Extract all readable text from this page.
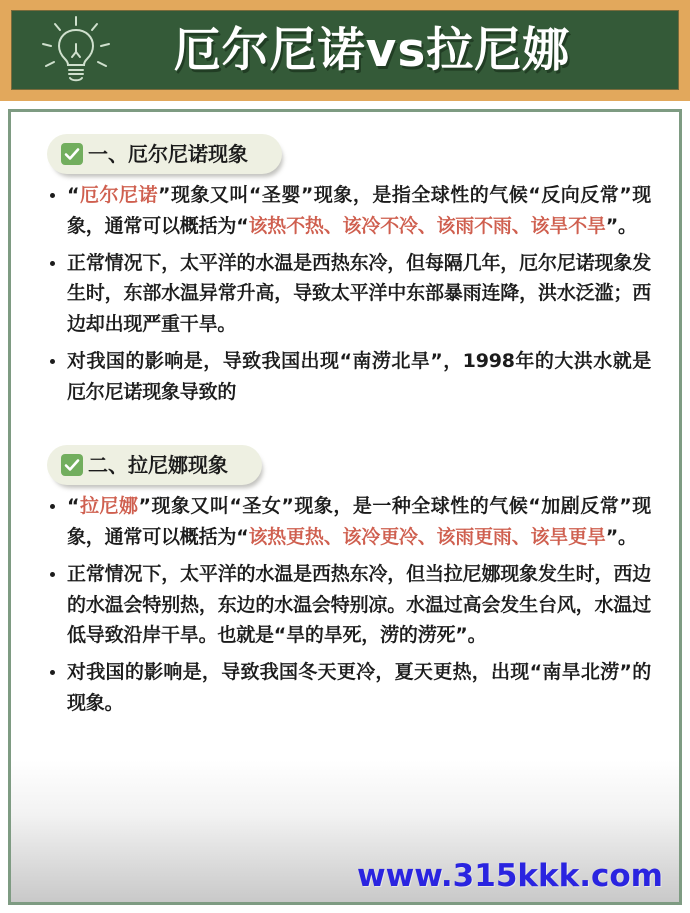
厄尔尼诺vs拉尼娜
一、厄尔尼诺现象
“厄尔尼诺”现象又叫“圣婴”现象，是指全球性的气候“反向反常”现象，通常可以概括为“该热不热、该冷不冷、该雨不雨、该旱不旱”。
正常情况下，太平洋的水温是西热东冷，但每隔几年，厄尔尼诺现象发生时，东部水温异常升高，导致太平洋中东部暴雨连降，洪水泛滥；西边却出现严重干旱。
对我国的影响是，导致我国出现“南涝北旱”，1998年的大洪水就是厄尔尼诺现象导致的
二、拉尼娜现象
“拉尼娜”现象又叫“圣女”现象，是一种全球性的气候“加剧反常”现象，通常可以概括为“该热更热、该冷更冷、该雨更雨、该旱更旱”。
正常情况下，太平洋的水温是西热东冷，但当拉尼娜现象发生时，西边的水温会特别热，东边的水温会特别凉。水温过高会发生台风，水温过低导致沿岸干旱。也就是“旱的旱死，涝的涝死”。
对我国的影响是，导致我国冬天更冷，夏天更热，出现“南旱北涝”的现象。
www.315kkk.com
